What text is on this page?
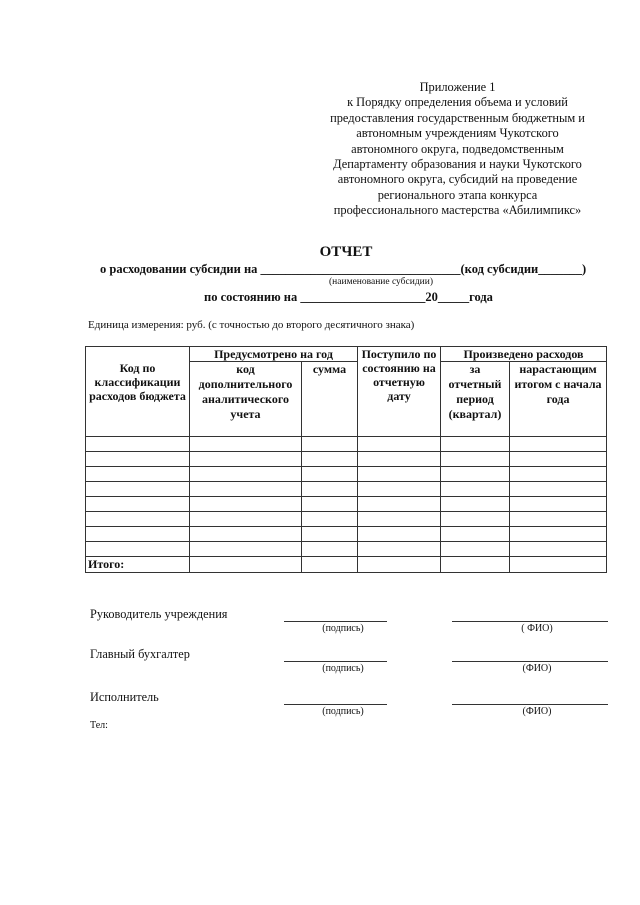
Приложение 1
к Порядку определения объема и условий
предоставления государственным бюджетным и
автономным учреждениям Чукотского
автономного округа, подведомственным
Департаменту образования и науки Чукотского
автономного округа, субсидий на проведение
регионального этапа конкурса
профессионального мастерства «Абилимпикс»
ОТЧЕТ
о расходовании субсидии на ________________________________(код субсидии_______)
(наименование субсидии)
по состоянию на ____________________20_____года
Единица измерения: руб. (с точностью до второго десятичного знака)
Код по классификации расходов бюджета	Предусмотрено на год		Поступило по состоянию на отчетную дату	Произведено расходов	
	код дополнительного аналитического учета	сумма		за отчетный период (квартал)	нарастающим итогом с начала года

Итого:					
Руководитель учреждения
(подпись)	( ФИО)
Главный бухгалтер
(подпись)	(ФИО)
Исполнитель
(подпись)	(ФИО)
Тел:
